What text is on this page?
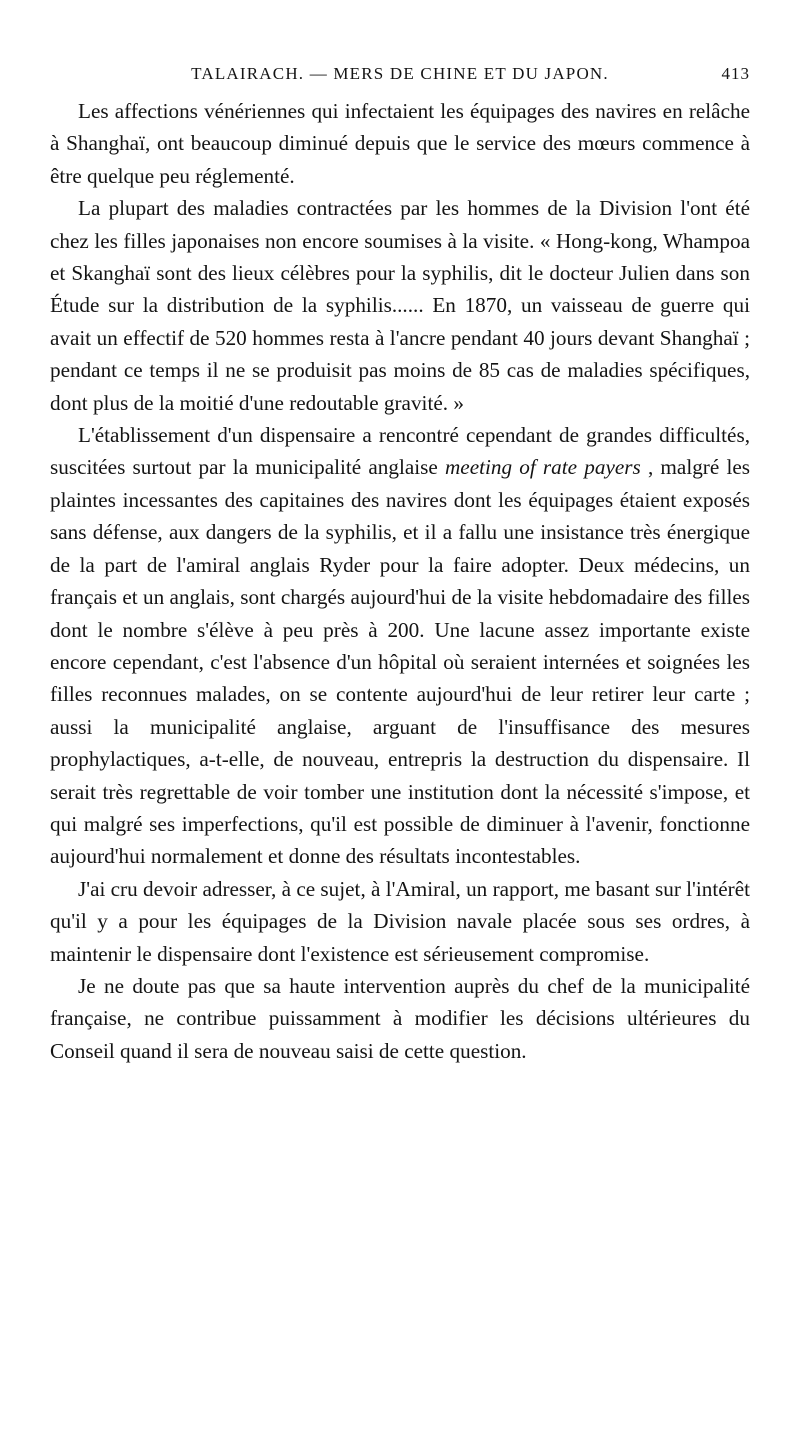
TALAIRACH. — MERS DE CHINE ET DU JAPON.	413

Les affections vénériennes qui infectaient les équipages des navires en relâche à Shanghaï, ont beaucoup diminué depuis que le service des mœurs commence à être quelque peu réglementé.

La plupart des maladies contractées par les hommes de la Division l'ont été chez les filles japonaises non encore soumises à la visite. « Hong-kong, Whampoa et Skanghaï sont des lieux célèbres pour la syphilis, dit le docteur Julien dans son Étude sur la distribution de la syphilis...... En 1870, un vaisseau de guerre qui avait un effectif de 520 hommes resta à l'ancre pendant 40 jours devant Shanghaï ; pendant ce temps il ne se produisit pas moins de 85 cas de maladies spécifiques, dont plus de la moitié d'une redoutable gravité. »

L'établissement d'un dispensaire a rencontré cependant de grandes difficultés, suscitées surtout par la municipalité anglaise meeting of rate payers , malgré les plaintes incessantes des capitaines des navires dont les équipages étaient exposés sans défense, aux dangers de la syphilis, et il a fallu une insistance très énergique de la part de l'amiral anglais Ryder pour la faire adopter. Deux médecins, un français et un anglais, sont chargés aujourd'hui de la visite hebdomadaire des filles dont le nombre s'élève à peu près à 200. Une lacune assez importante existe encore cependant, c'est l'absence d'un hôpital où seraient internées et soignées les filles reconnues malades, on se contente aujourd'hui de leur retirer leur carte ; aussi la municipalité anglaise, arguant de l'insuffisance des mesures prophylactiques, a-t-elle, de nouveau, entrepris la destruction du dispensaire. Il serait très regrettable de voir tomber une institution dont la nécessité s'impose, et qui malgré ses imperfections, qu'il est possible de diminuer à l'avenir, fonctionne aujourd'hui normalement et donne des résultats incontestables.

J'ai cru devoir adresser, à ce sujet, à l'Amiral, un rapport, me basant sur l'intérêt qu'il y a pour les équipages de la Division navale placée sous ses ordres, à maintenir le dispensaire dont l'existence est sérieusement compromise.

Je ne doute pas que sa haute intervention auprès du chef de la municipalité française, ne contribue puissamment à modifier les décisions ultérieures du Conseil quand il sera de nouveau saisi de cette question.
